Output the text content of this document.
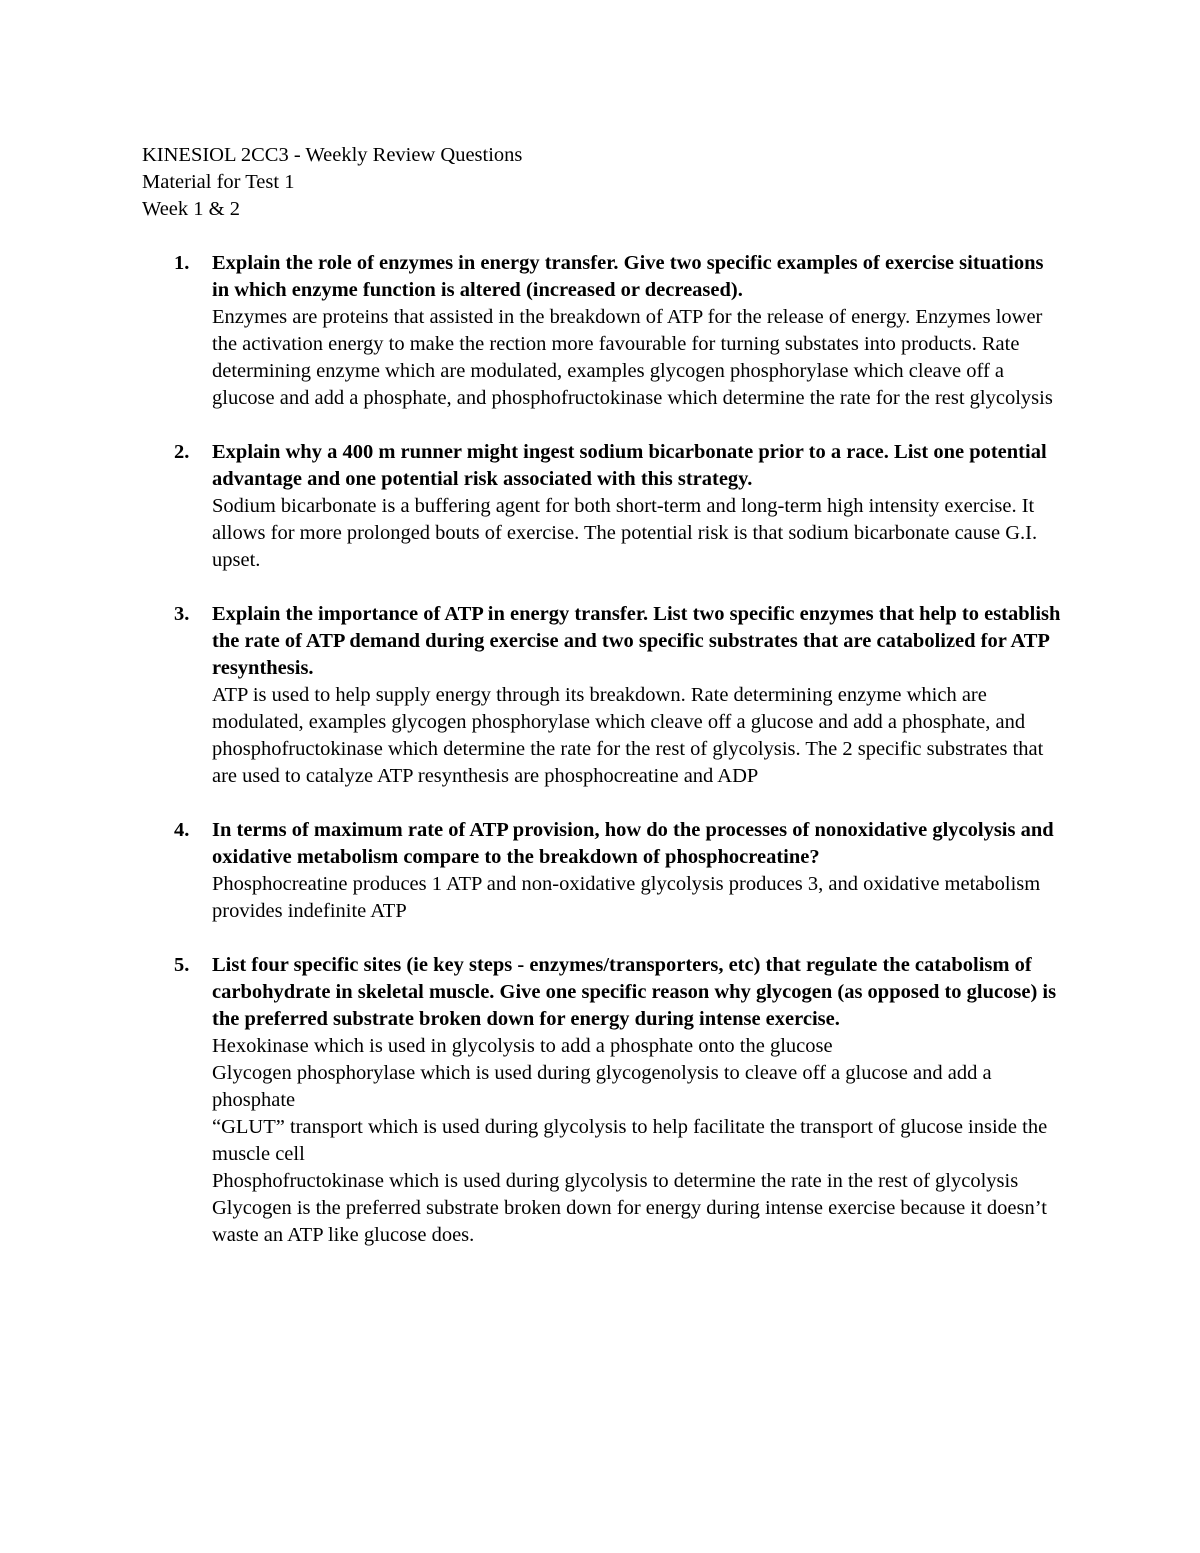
KINESIOL 2CC3 - Weekly Review Questions
Material for Test 1
Week 1 & 2
1. Explain the role of enzymes in energy transfer. Give two specific examples of exercise situations in which enzyme function is altered (increased or decreased).
Enzymes are proteins that assisted in the breakdown of ATP for the release of energy. Enzymes lower the activation energy to make the rection more favourable for turning substates into products. Rate determining enzyme which are modulated, examples glycogen phosphorylase which cleave off a glucose and add a phosphate, and phosphofructokinase which determine the rate for the rest glycolysis
2. Explain why a 400 m runner might ingest sodium bicarbonate prior to a race. List one potential advantage and one potential risk associated with this strategy.
Sodium bicarbonate is a buffering agent for both short-term and long-term high intensity exercise. It allows for more prolonged bouts of exercise. The potential risk is that sodium bicarbonate cause G.I. upset.
3. Explain the importance of ATP in energy transfer. List two specific enzymes that help to establish the rate of ATP demand during exercise and two specific substrates that are catabolized for ATP resynthesis.
ATP is used to help supply energy through its breakdown. Rate determining enzyme which are modulated, examples glycogen phosphorylase which cleave off a glucose and add a phosphate, and phosphofructokinase which determine the rate for the rest of glycolysis. The 2 specific substrates that are used to catalyze ATP resynthesis are phosphocreatine and ADP
4. In terms of maximum rate of ATP provision, how do the processes of nonoxidative glycolysis and oxidative metabolism compare to the breakdown of phosphocreatine?
Phosphocreatine produces 1 ATP and non-oxidative glycolysis produces 3, and oxidative metabolism provides indefinite ATP
5. List four specific sites (ie key steps - enzymes/transporters, etc) that regulate the catabolism of carbohydrate in skeletal muscle. Give one specific reason why glycogen (as opposed to glucose) is the preferred substrate broken down for energy during intense exercise.
Hexokinase which is used in glycolysis to add a phosphate onto the glucose
Glycogen phosphorylase which is used during glycogenolysis to cleave off a glucose and add a phosphate
“GLUT” transport which is used during glycolysis to help facilitate the transport of glucose inside the muscle cell
Phosphofructokinase which is used during glycolysis to determine the rate in the rest of glycolysis
Glycogen is the preferred substrate broken down for energy during intense exercise because it doesn’t waste an ATP like glucose does.
